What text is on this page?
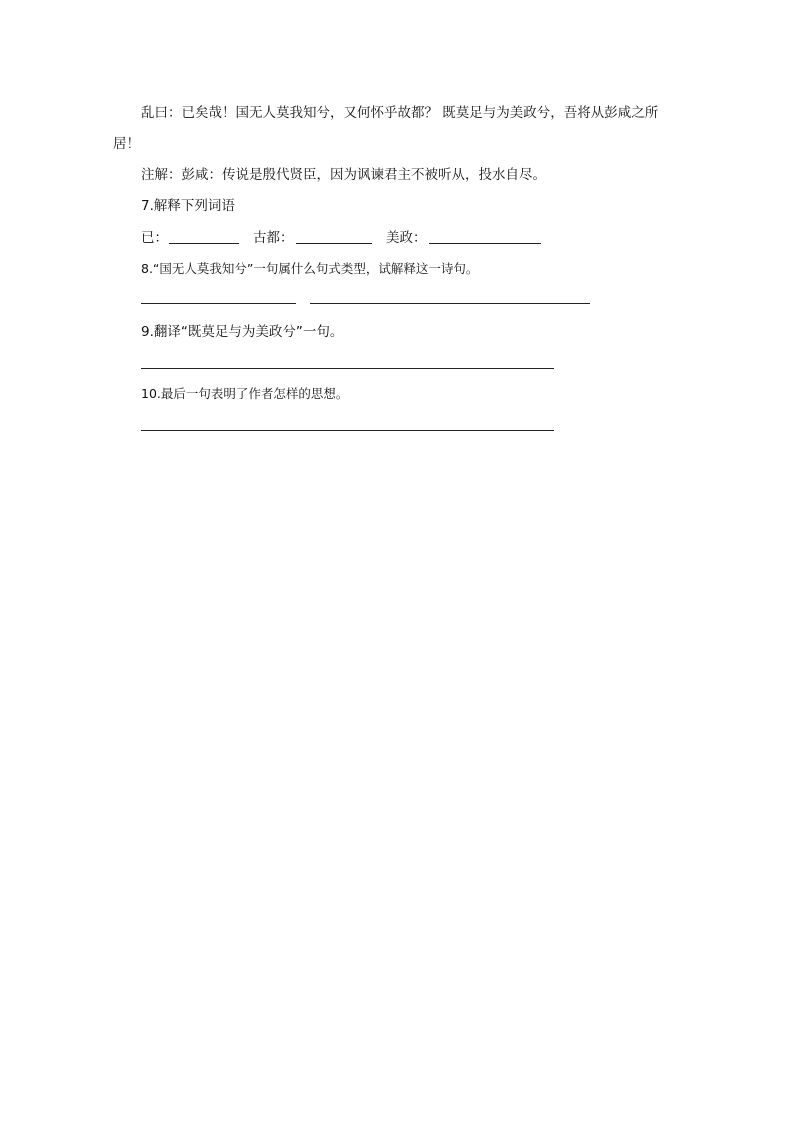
乱曰：已矣哉！国无人莫我知兮，又何怀乎故都？ 既莫足与为美政兮，吾将从彭咸之所
居！
注解：彭咸：传说是殷代贤臣，因为讽谏君主不被听从，投水自尽。
7.解释下列词语
已：	古都：	美政：
8.“国无人莫我知兮”一句属什么句式类型，试解释这一诗句。
9.翻译“既莫足与为美政兮”一句。
10.最后一句表明了作者怎样的思想。
